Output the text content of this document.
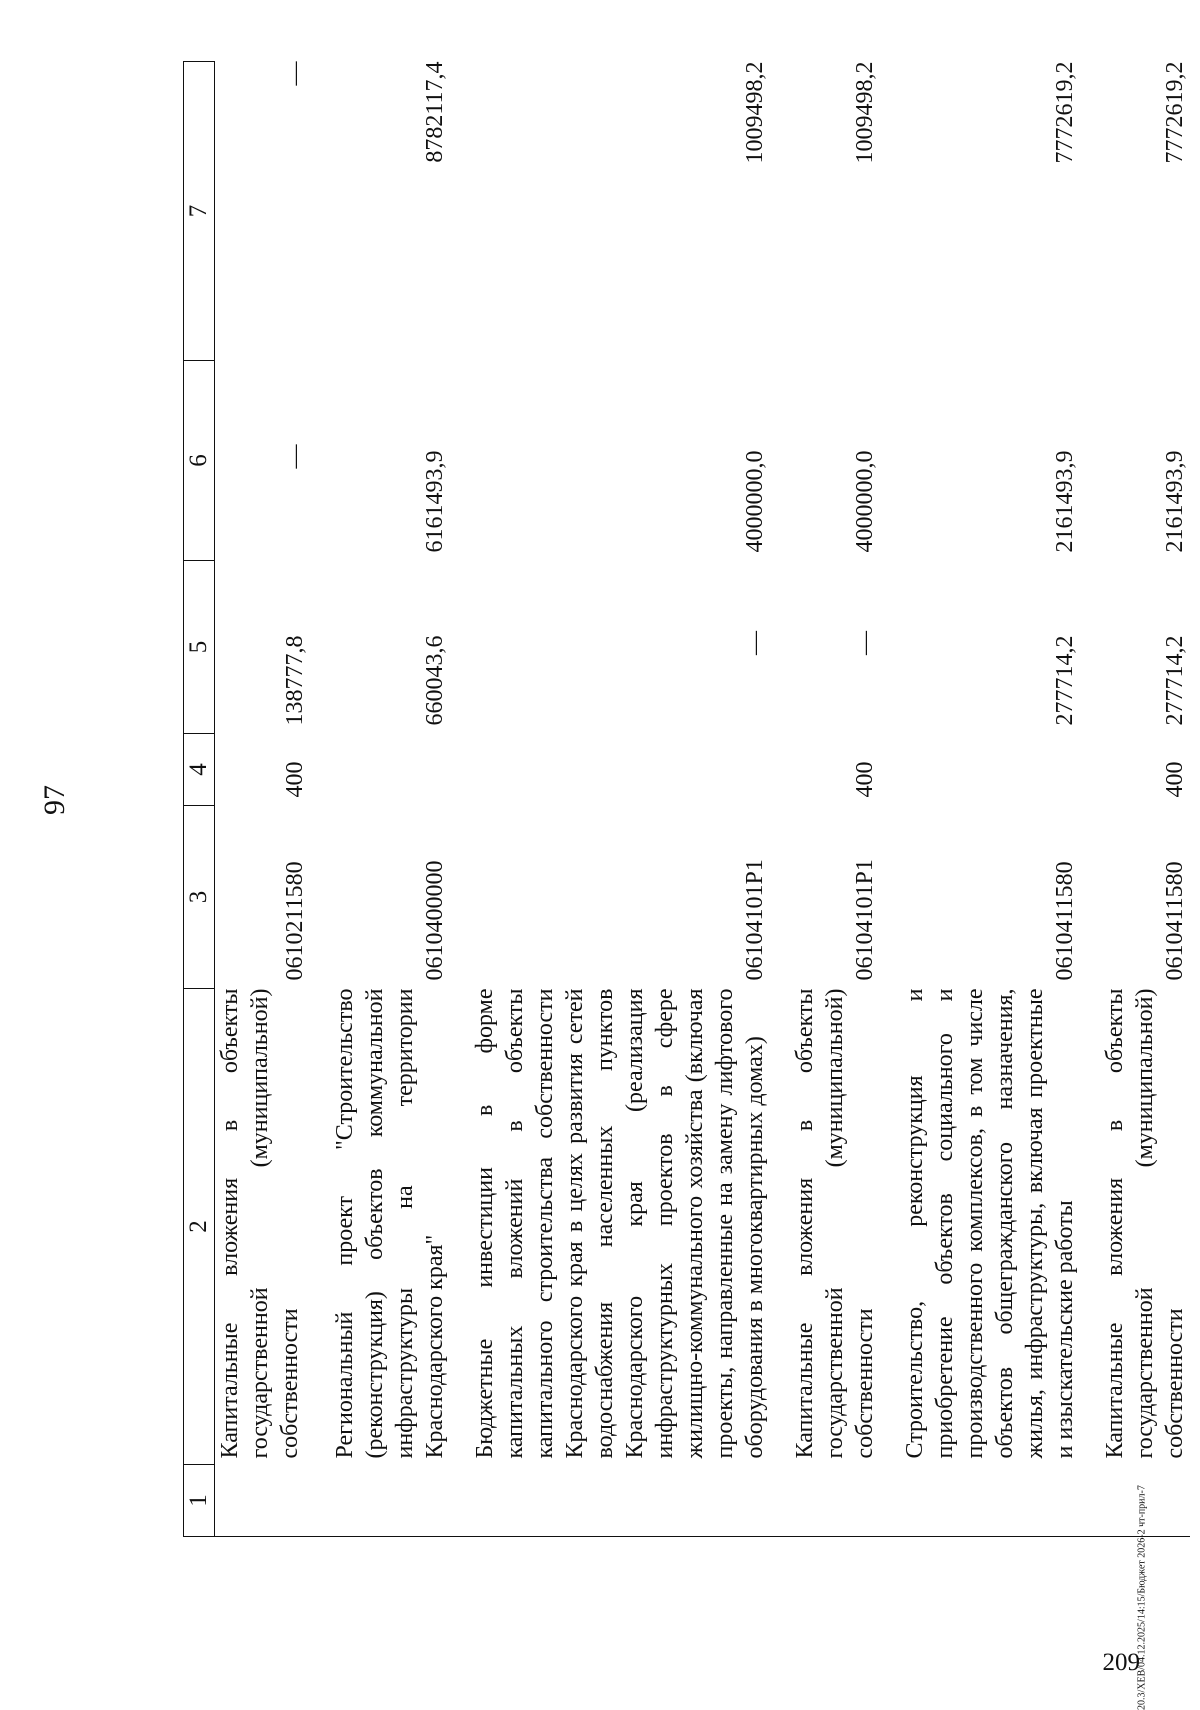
97
209
20.3/ХЕВ/04.12.2025/14:15/Бюджет 2026-2 чт-прил-7
1	2	3	4	5	6	7
	Капитальные вложения в объекты государственной (муниципальной) собственности	0610211580	400	138777,8	—	—

	Региональный проект "Строительство (реконструкция) объектов коммунальной инфраструктуры на территории Краснодарского края"	0610400000		660043,6	6161493,9	8782117,4

	Бюджетные инвестиции в форме капитальных вложений в объекты капитального строительства собственности Краснодарского края в целях развития сетей водоснабжения населенных пунктов Краснодарского края (реализация инфраструктурных проектов в сфере жилищно-коммунального хозяйства (включая проекты, направленные на замену лифтового оборудования в многоквартирных домах)	06104101Р1		—	4000000,0	1009498,2

	Капитальные вложения в объекты государственной (муниципальной) собственности	06104101Р1	400	—	4000000,0	1009498,2

	Строительство, реконструкция и приобретение объектов социального и производственного комплексов, в том числе объектов общегражданского назначения, жилья, инфраструктуры, включая проектные и изыскательские работы	0610411580		277714,2	2161493,9	7772619,2

	Капитальные вложения в объекты государственной (муниципальной) собственности	0610411580	400	277714,2	2161493,9	7772619,2
